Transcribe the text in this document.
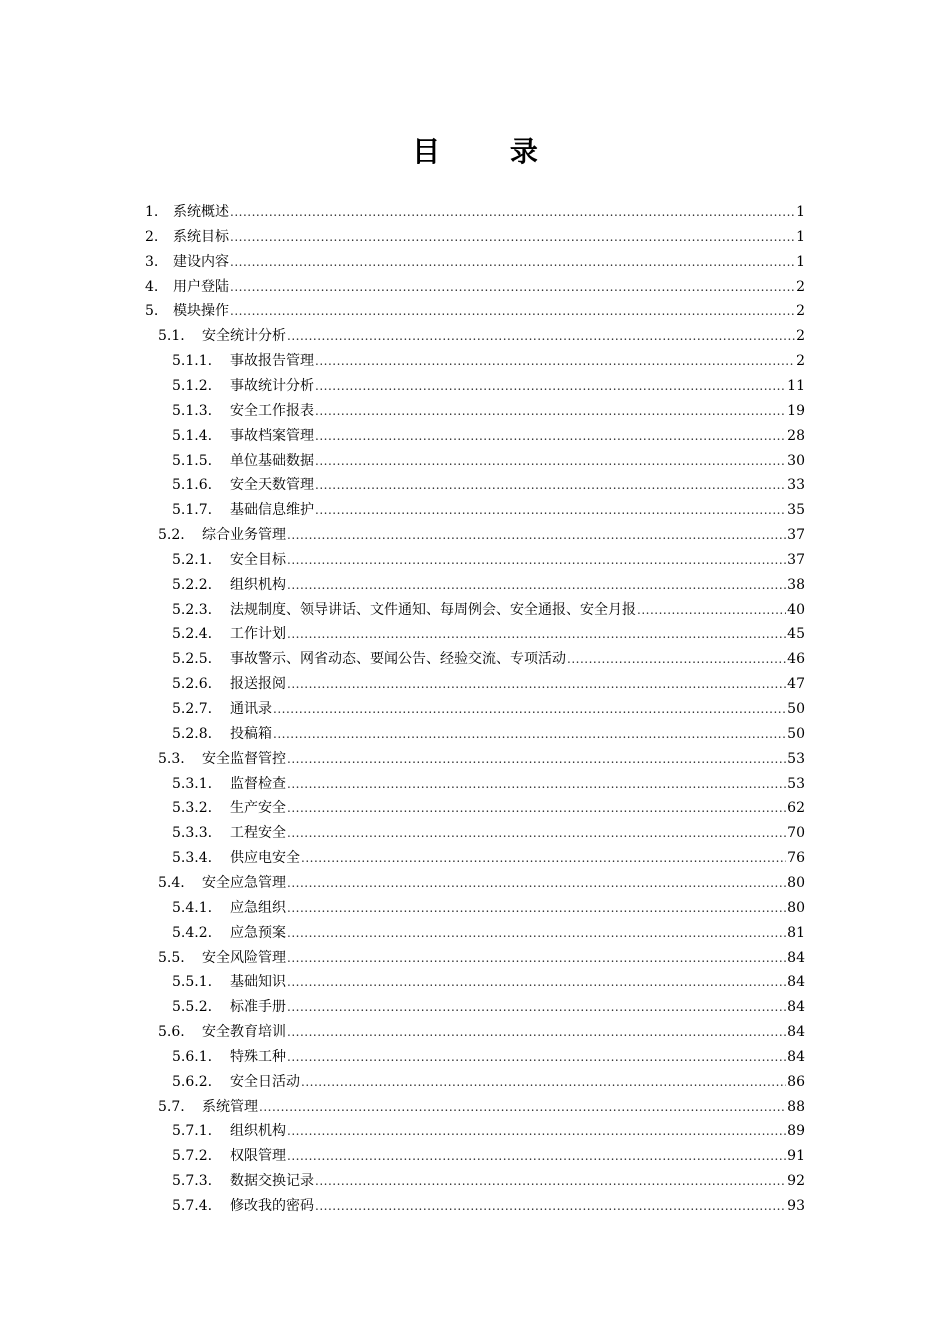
目 录
1.	系统概述 .....	1
2.	系统目标 .....	1
3.	建设内容 .....	1
4.	用户登陆 .....	2
5.	模块操作 .....	2
5.1.	安全统计分析 .....	2
5.1.1.	事故报告管理 .....	2
5.1.2.	事故统计分析 .....	11
5.1.3.	安全工作报表 .....	19
5.1.4.	事故档案管理 .....	28
5.1.5.	单位基础数据 .....	30
5.1.6.	安全天数管理 .....	33
5.1.7.	基础信息维护 .....	35
5.2.	综合业务管理 .....	37
5.2.1.	安全目标 .....	37
5.2.2.	组织机构 .....	38
5.2.3.	法规制度、领导讲话、文件通知、每周例会、安全通报、安全月报 .....	40
5.2.4.	工作计划 .....	45
5.2.5.	事故警示、网省动态、要闻公告、经验交流、专项活动 .....	46
5.2.6.	报送报阅 .....	47
5.2.7.	通讯录 .....	50
5.2.8.	投稿箱 .....	50
5.3.	安全监督管控 .....	53
5.3.1.	监督检查 .....	53
5.3.2.	生产安全 .....	62
5.3.3.	工程安全 .....	70
5.3.4.	供应电安全 .....	76
5.4.	安全应急管理 .....	80
5.4.1.	应急组织 .....	80
5.4.2.	应急预案 .....	81
5.5.	安全风险管理 .....	84
5.5.1.	基础知识 .....	84
5.5.2.	标准手册 .....	84
5.6.	安全教育培训 .....	84
5.6.1.	特殊工种 .....	84
5.6.2.	安全日活动 .....	86
5.7.	系统管理 .....	88
5.7.1.	组织机构 .....	89
5.7.2.	权限管理 .....	91
5.7.3.	数据交换记录 .....	92
5.7.4.	修改我的密码 .....	93
